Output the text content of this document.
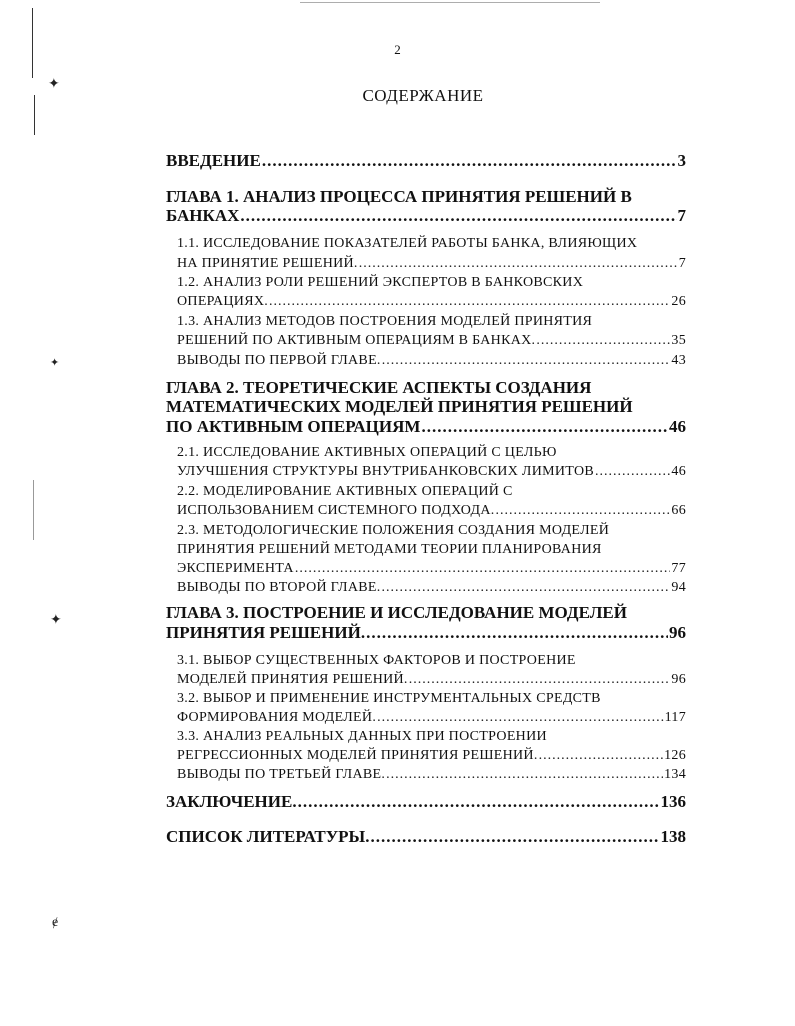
✦
✦
✦
ɇ
2
СОДЕРЖАНИЕ
ВВЕДЕНИЕ .....	3
ГЛАВА 1. АНАЛИЗ ПРОЦЕССА ПРИНЯТИЯ РЕШЕНИЙ В
БАНКАХ .....	7
1.1. ИССЛЕДОВАНИЕ ПОКАЗАТЕЛЕЙ РАБОТЫ БАНКА, ВЛИЯЮЩИХ
НА ПРИНЯТИЕ РЕШЕНИЙ. .....	7
1.2. АНАЛИЗ РОЛИ РЕШЕНИЙ ЭКСПЕРТОВ В БАНКОВСКИХ
ОПЕРАЦИЯХ. .....	26
1.3. АНАЛИЗ МЕТОДОВ ПОСТРОЕНИЯ МОДЕЛЕЙ ПРИНЯТИЯ
РЕШЕНИЙ ПО АКТИВНЫМ ОПЕРАЦИЯМ В БАНКАХ. .....	35
ВЫВОДЫ ПО ПЕРВОЙ ГЛАВЕ. .....	43
ГЛАВА 2. ТЕОРЕТИЧЕСКИЕ АСПЕКТЫ СОЗДАНИЯ
МАТЕМАТИЧЕСКИХ МОДЕЛЕЙ ПРИНЯТИЯ РЕШЕНИЙ
ПО АКТИВНЫМ ОПЕРАЦИЯМ .....	46
2.1. ИССЛЕДОВАНИЕ АКТИВНЫХ ОПЕРАЦИЙ С ЦЕЛЬЮ
УЛУЧШЕНИЯ СТРУКТУРЫ ВНУТРИБАНКОВСКИХ ЛИМИТОВ .....	46
2.2. МОДЕЛИРОВАНИЕ АКТИВНЫХ ОПЕРАЦИЙ С
ИСПОЛЬЗОВАНИЕМ СИСТЕМНОГО ПОДХОДА. .....	66
2.3. МЕТОДОЛОГИЧЕСКИЕ ПОЛОЖЕНИЯ СОЗДАНИЯ МОДЕЛЕЙ
ПРИНЯТИЯ РЕШЕНИЙ МЕТОДАМИ ТЕОРИИ ПЛАНИРОВАНИЯ
ЭКСПЕРИМЕНТА .....	77
ВЫВОДЫ ПО ВТОРОЙ ГЛАВЕ. .....	94
ГЛАВА 3. ПОСТРОЕНИЕ И ИССЛЕДОВАНИЕ МОДЕЛЕЙ
ПРИНЯТИЯ РЕШЕНИЙ. .....	96
3.1. ВЫБОР СУЩЕСТВЕННЫХ ФАКТОРОВ И ПОСТРОЕНИЕ
МОДЕЛЕЙ ПРИНЯТИЯ РЕШЕНИЙ. .....	96
3.2. ВЫБОР И ПРИМЕНЕНИЕ ИНСТРУМЕНТАЛЬНЫХ СРЕДСТВ
ФОРМИРОВАНИЯ МОДЕЛЕЙ. .....	117
3.3. АНАЛИЗ РЕАЛЬНЫХ ДАННЫХ ПРИ ПОСТРОЕНИИ
РЕГРЕССИОННЫХ МОДЕЛЕЙ ПРИНЯТИЯ РЕШЕНИЙ. .....	126
ВЫВОДЫ ПО ТРЕТЬЕЙ ГЛАВЕ. .....	134
ЗАКЛЮЧЕНИЕ. .....	136
СПИСОК ЛИТЕРАТУРЫ. .....	138
